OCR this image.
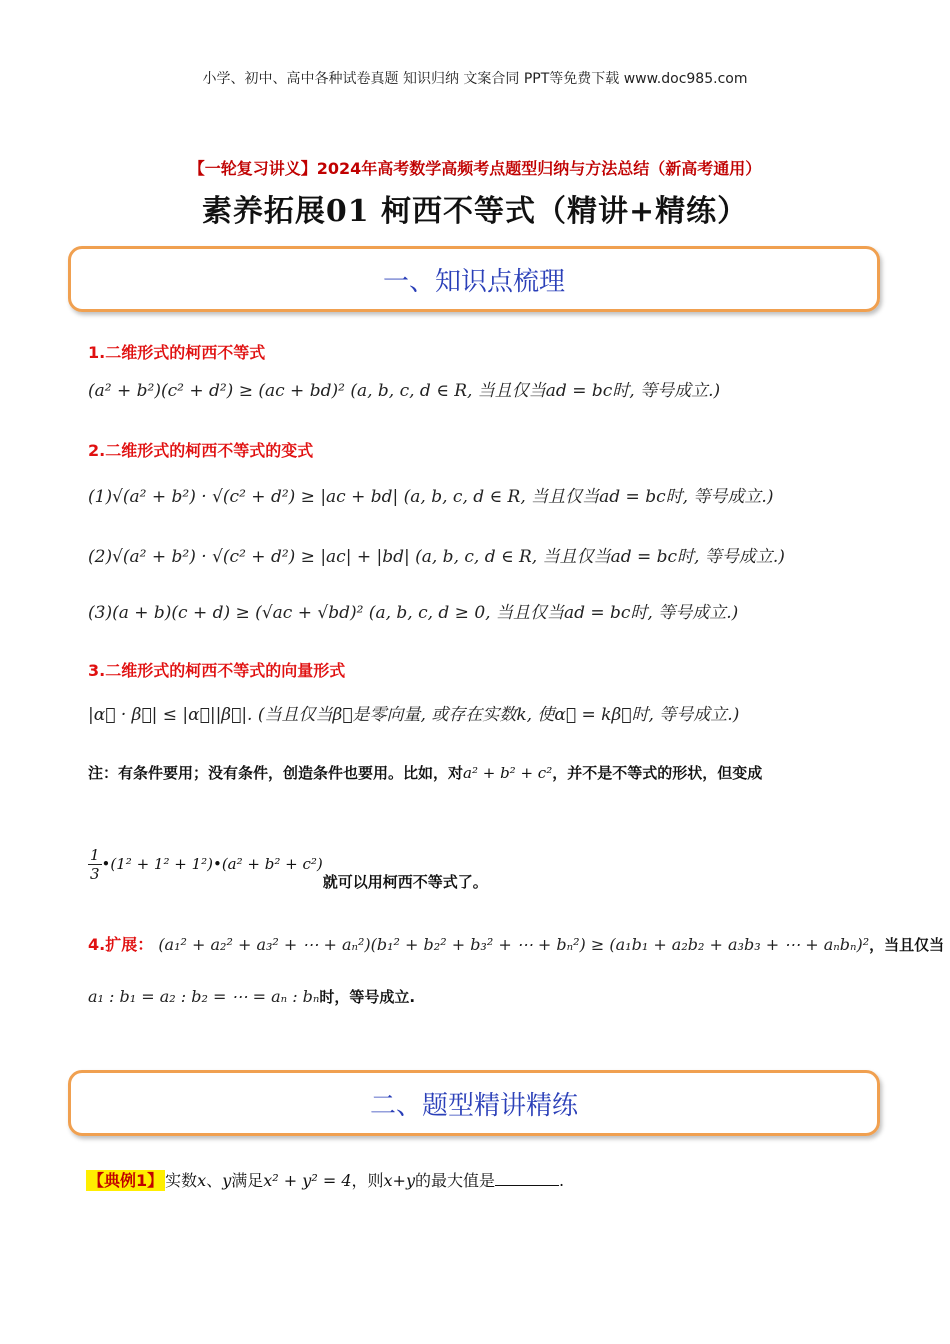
小学、初中、高中各种试卷真题 知识归纳 文案合同 PPT等免费下载 www.doc985.com
【一轮复习讲义】2024年高考数学高频考点题型归纳与方法总结（新高考通用）
素养拓展01 柯西不等式（精讲+精练）
一、知识点梳理
1.二维形式的柯西不等式
(a² + b²)(c² + d²) ≥ (ac + bd)² (a, b, c, d ∈ R, 当且仅当ad = bc时, 等号成立.)
2.二维形式的柯西不等式的变式
(1)√(a² + b²) · √(c² + d²) ≥ |ac + bd| (a, b, c, d ∈ R, 当且仅当ad = bc时, 等号成立.)
(2)√(a² + b²) · √(c² + d²) ≥ |ac| + |bd| (a, b, c, d ∈ R, 当且仅当ad = bc时, 等号成立.)
(3)(a + b)(c + d) ≥ (√ac + √bd)² (a, b, c, d ≥ 0, 当且仅当ad = bc时, 等号成立.)
3.二维形式的柯西不等式的向量形式
|α⃗ · β⃗| ≤ |α⃗||β⃗|. (当且仅当β⃗是零向量, 或存在实数k, 使α⃗ = kβ⃗时, 等号成立.)
注：有条件要用；没有条件，创造条件也要用。比如，对a² + b² + c²，并不是不等式的形状，但变成
$\frac{1}{3}$ •(1² + 1² + 1²)•(a² + b² + c²)就可以用柯西不等式了。
4.扩展： (a₁² + a₂² + a₃² + ⋯ + aₙ²)(b₁² + b₂² + b₃² + ⋯ + bₙ²) ≥ (a₁b₁ + a₂b₂ + a₃b₃ + ⋯ + aₙbₙ)²，当且仅当
a₁ : b₁ = a₂ : b₂ = ⋯ = aₙ : bₙ时，等号成立.
二、题型精讲精练
【典例1】 实数x、y满足x² + y² = 4，则x+y的最大值是	.
